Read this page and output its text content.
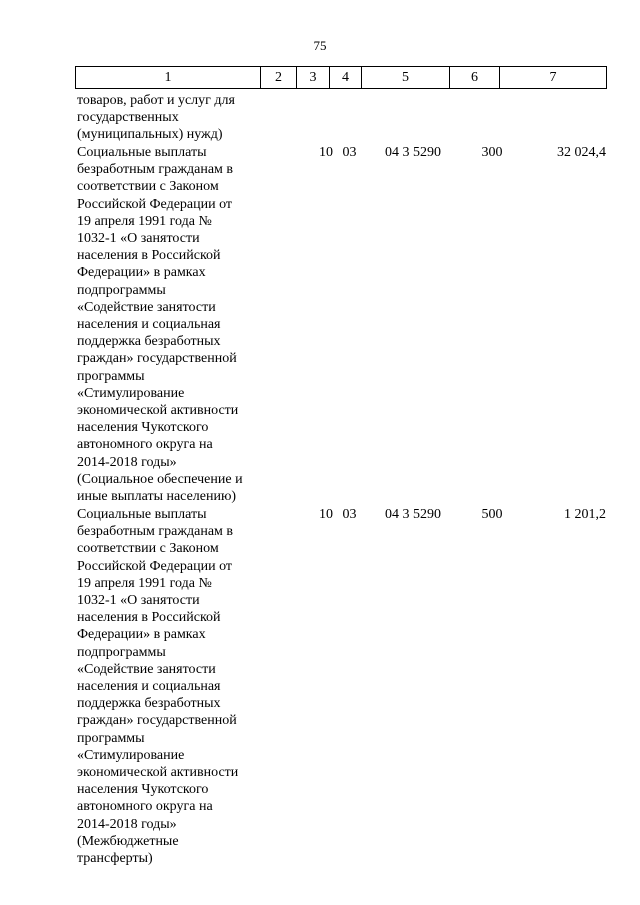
75
1	2	3	4	5	6	7
товаров, работ и услуг для
государственных
(муниципальных) нужд)
Социальные выплаты
безработным гражданам в
соответствии с Законом
Российской Федерации от
19 апреля 1991 года №
1032-1 «О занятости
населения в Российской
Федерации» в рамках
подпрограммы
«Содействие занятости
населения и социальная
поддержка безработных
граждан» государственной
программы
«Стимулирование
экономической активности
населения Чукотского
автономного округа на
2014-2018 годы»
(Социальное обеспечение и
иные выплаты населению)
10 03	04 3 5290	300	32 024,4
Социальные выплаты
безработным гражданам в
соответствии с Законом
Российской Федерации от
19 апреля 1991 года №
1032-1 «О занятости
населения в Российской
Федерации» в рамках
подпрограммы
«Содействие занятости
населения и социальная
поддержка безработных
граждан» государственной
программы
«Стимулирование
экономической активности
населения Чукотского
автономного округа на
2014-2018 годы»
(Межбюджетные
трансферты)
10 03	04 3 5290	500	1 201,2
